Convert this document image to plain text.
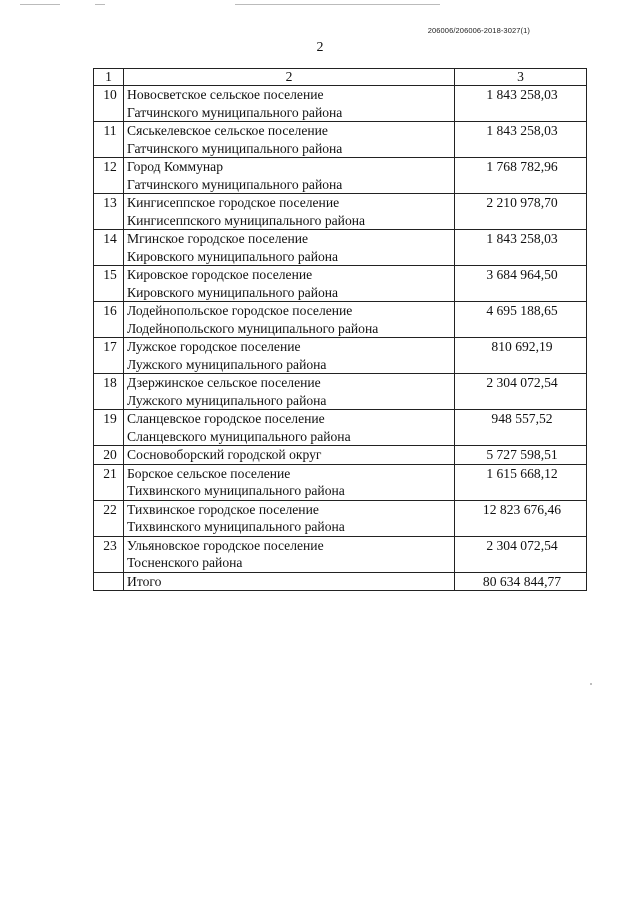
206006/206006-2018-3027(1)
2
1	2	3
10	Новосветское сельское поселение
Гатчинского муниципального района	1 843 258,03
11	Сяськелевское сельское поселение
Гатчинского муниципального района	1 843 258,03
12	Город Коммунар
Гатчинского муниципального района	1 768 782,96
13	Кингисеппское городское поселение
Кингисеппского муниципального района	2 210 978,70
14	Мгинское городское поселение
Кировского муниципального района	1 843 258,03
15	Кировское городское поселение
Кировского муниципального района	3 684 964,50
16	Лодейнопольское городское поселение
Лодейнопольского муниципального района	4 695 188,65
17	Лужское городское поселение
Лужского муниципального района	810 692,19
18	Дзержинское сельское поселение
Лужского муниципального района	2 304 072,54
19	Сланцевское городское поселение
Сланцевского муниципального района	948 557,52
20	Сосновоборский городской округ	5 727 598,51
21	Борское сельское поселение
Тихвинского муниципального района	1 615 668,12
22	Тихвинское городское поселение
Тихвинского муниципального района	12 823 676,46
23	Ульяновское городское поселение
Тосненского района	2 304 072,54

	Итого	80 634 844,77
